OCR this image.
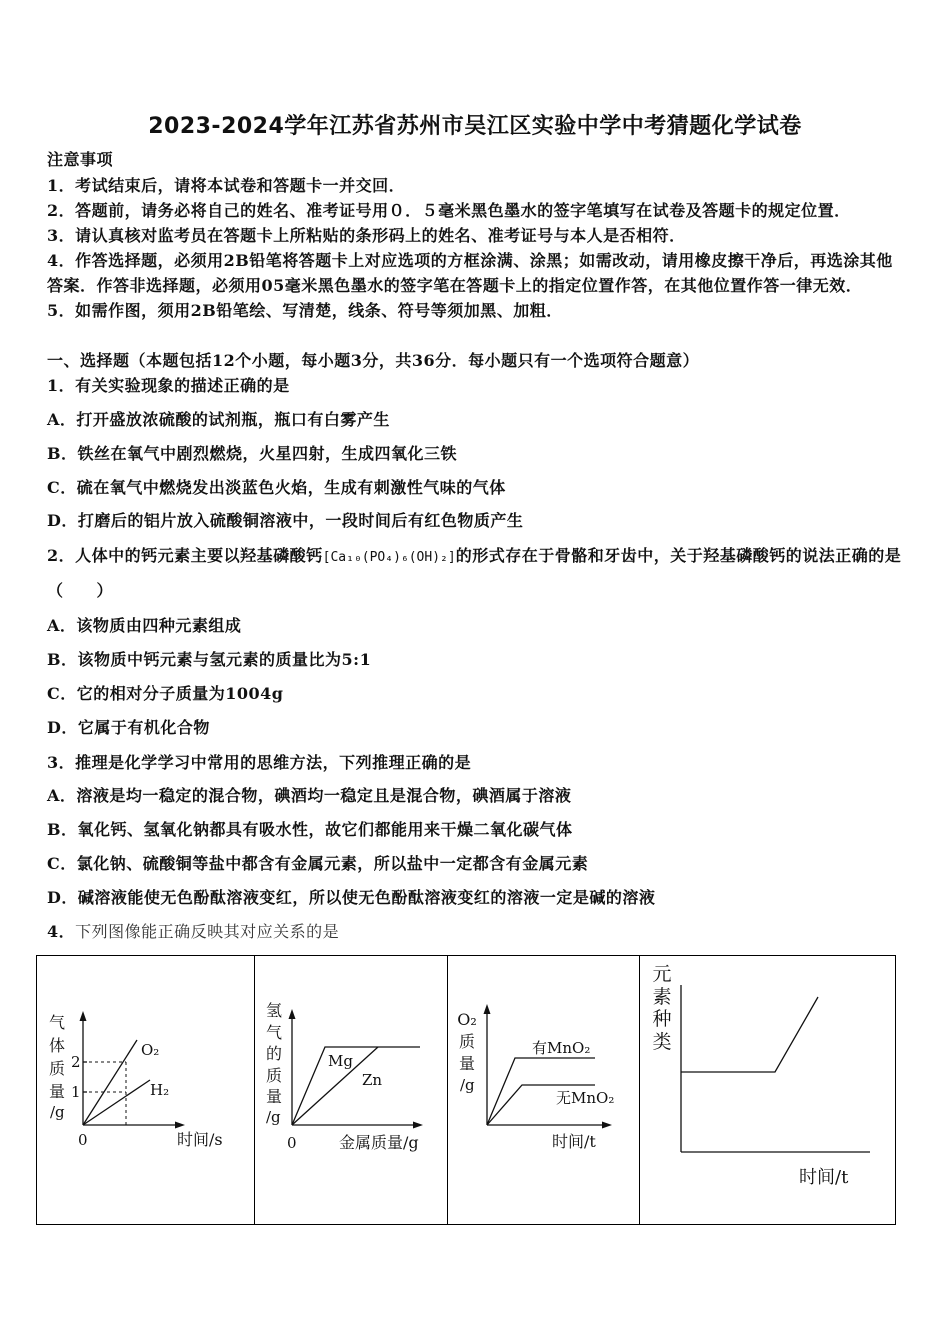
2023-2024学年江苏省苏州市吴江区实验中学中考猜题化学试卷
注意事项
1．考试结束后，请将本试卷和答题卡一并交回．
2．答题前，请务必将自己的姓名、准考证号用０．５毫米黑色墨水的签字笔填写在试卷及答题卡的规定位置．
3．请认真核对监考员在答题卡上所粘贴的条形码上的姓名、准考证号与本人是否相符．
4．作答选择题，必须用2B铅笔将答题卡上对应选项的方框涂满、涂黑；如需改动，请用橡皮擦干净后，再选涂其他
答案．作答非选择题，必须用05毫米黑色墨水的签字笔在答题卡上的指定位置作答，在其他位置作答一律无效．
5．如需作图，须用2B铅笔绘、写清楚，线条、符号等须加黑、加粗．
一、选择题（本题包括12个小题，每小题3分，共36分．每小题只有一个选项符合题意）
1．有关实验现象的描述正确的是
A．打开盛放浓硫酸的试剂瓶，瓶口有白雾产生
B．铁丝在氧气中剧烈燃烧，火星四射，生成四氧化三铁
C．硫在氧气中燃烧发出淡蓝色火焰，生成有刺激性气味的气体
D．打磨后的铝片放入硫酸铜溶液中，一段时间后有红色物质产生
2．人体中的钙元素主要以羟基磷酸钙[Ca₁₀(PO₄)₆(OH)₂]的形式存在于骨骼和牙齿中，关于羟基磷酸钙的说法正确的是
（　　）
A．该物质由四种元素组成
B．该物质中钙元素与氢元素的质量比为5:1
C．它的相对分子质量为1004g
D．它属于有机化合物
3．推理是化学学习中常用的思维方法，下列推理正确的是
A．溶液是均一稳定的混合物，碘酒均一稳定且是混合物，碘酒属于溶液
B．氧化钙、氢氧化钠都具有吸水性，故它们都能用来干燥二氧化碳气体
C．氯化钠、硫酸铜等盐中都含有金属元素，所以盐中一定都含有金属元素
D．碱溶液能使无色酚酞溶液变红，所以使无色酚酞溶液变红的溶液一定是碱的溶液
4．下列图像能正确反映其对应关系的是
2
1
0
O₂
H₂
时间/s
Mg
Zn
0	金属质量/g
有MnO₂
无MnO₂
时间/t
时间/t
气体质量
/g
氢气的质量
/g
O₂质量
/g
元素种类
